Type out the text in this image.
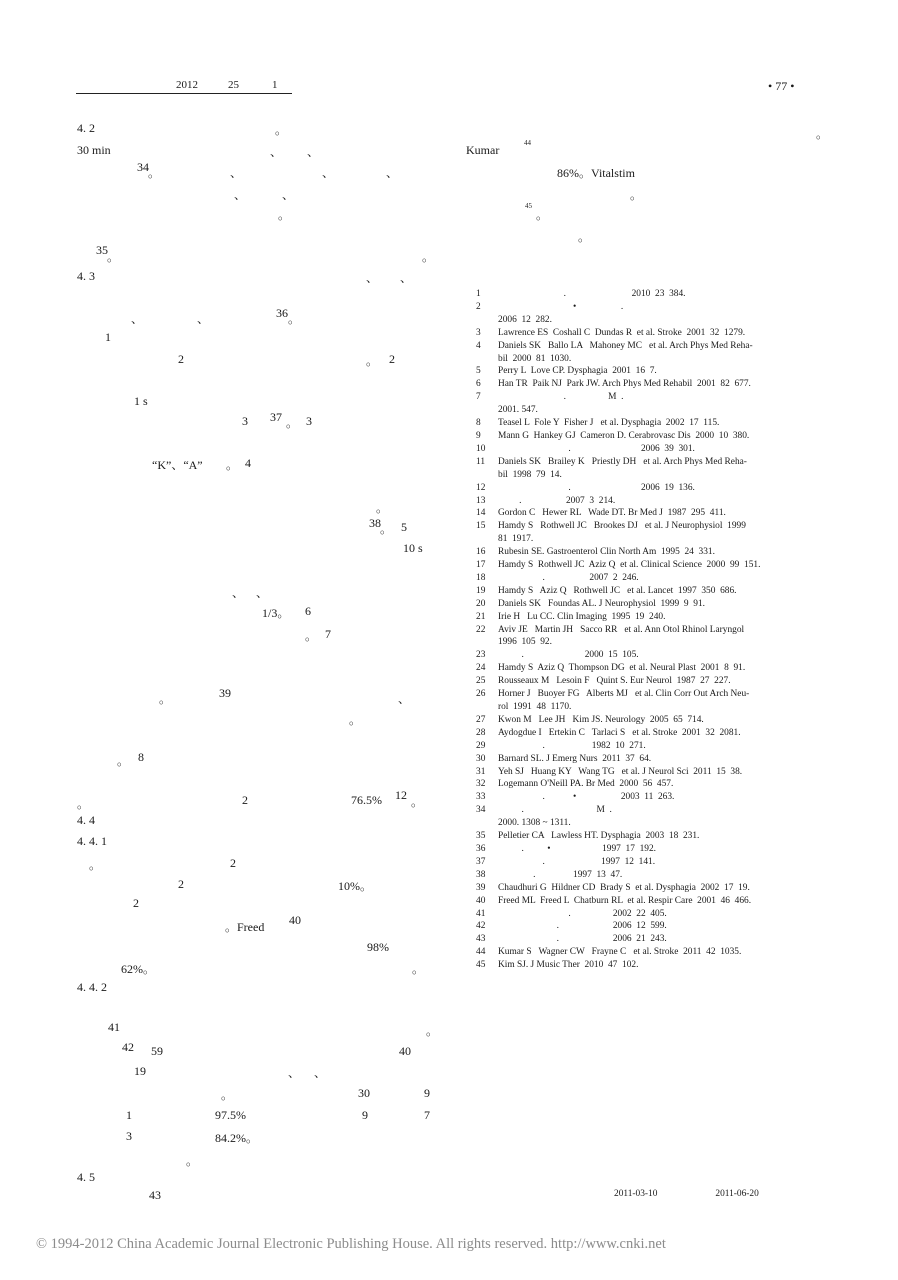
2012	25	1	• 77 •
4. 2	。
30 min	、 、
34 。	、	、	、
、	、
。
35 。	。
4. 3	、 、
、	、	36 。
1
2	。 2
1 s
3 37 。 3
“K”、“A” 。 4
。
38 。 5
10 s
、 、
1/3。 6
。 7
。	39	、
。
。 8
。	2	76.5% 12 。
4. 4
4. 4. 1
。	2
2	10%。
2
。Freed 40
98%
62%。	。
4. 4. 2
41	。
42 59	40
19	、 、
。	30	9
1	97.5%	9	7
3	84.2%。
。
4. 5
43
。
Kumar	44
86%。Vitalstim
。
45
。
。
1	.                            2010  23  384.
2	•                   .
2006  12  282.
3	Lawrence ES  Coshall C  Dundas R  et al. Stroke  2001  32  1279.
4	Daniels SK   Ballo LA   Mahoney MC   et al. Arch Phys Med Reha-
bil  2000  81  1030.
5	Perry L  Love CP. Dysphagia  2001  16  7.
6	Han TR  Paik NJ  Park JW. Arch Phys Med Rehabil  2001  82  677.
7	.                  M  .
2001. 547.
8	Teasel L  Fole Y  Fisher J   et al. Dysphagia  2002  17  115.
9	Mann G  Hankey GJ  Cameron D. Cerabrovasc Dis  2000  10  380.
10	.                              2006  39  301.
11	Daniels SK   Brailey K   Priestly DH   et al. Arch Phys Med Reha-
bil  1998  79  14.
12	.                              2006  19  136.
13	.                   2007  3  214.
14	Gordon C   Hewer RL   Wade DT. Br Med J  1987  295  411.
15	Hamdy S   Rothwell JC   Brookes DJ   et al. J Neurophysiol  1999
81  1917.
16	Rubesin SE. Gastroenterol Clin North Am  1995  24  331.
17	Hamdy S  Rothwell JC  Aziz Q  et al. Clinical Science  2000  99  151.
18	.                   2007  2  246.
19	Hamdy S   Aziz Q   Rothwell JC   et al. Lancet  1997  350  686.
20	Daniels SK   Foundas AL. J Neurophysiol  1999  9  91.
21	Irie H   Lu CC. Clin Imaging  1995  19  240.
22	Aviv JE   Martin JH   Sacco RR   et al. Ann Otol Rhinol Laryngol
1996  105  92.
23	.                          2000  15  105.
24	Hamdy S  Aziz Q  Thompson DG  et al. Neural Plast  2001  8  91.
25	Rousseaux M   Lesoin F   Quint S. Eur Neurol  1987  27  227.
26	Horner J   Buoyer FG   Alberts MJ   et al. Clin Corr Out Arch Neu-
rol  1991  48  1170.
27	Kwon M   Lee JH   Kim JS. Neurology  2005  65  714.
28	Aydogdue I   Ertekin C   Tarlaci S   et al. Stroke  2001  32  2081.
29	.                    1982  10  271.
30	Barnard SL. J Emerg Nurs  2011  37  64.
31	Yeh SJ   Huang KY   Wang TG   et al. J Neurol Sci  2011  15  38.
32	Logemann O'Neill PA. Br Med  2000  56  457.
33	.            •                   2003  11  263.
34	.                               M  .
2000. 1308 ~ 1311.
35	Pelletier CA   Lawless HT. Dysphagia  2003  18  231.
36	.          •                      1997  17  192.
37	.                        1997  12  141.
38	.                1997  13  47.
39	Chaudhuri G  Hildner CD  Brady S  et al. Dysphagia  2002  17  19.
40	Freed ML  Freed L  Chatburn RL  et al. Respir Care  2001  46  466.
41	.                  2002  22  405.
42	.                       2006  12  599.
43	.                       2006  21  243.
44	Kumar S   Wagner CW   Frayne C   et al. Stroke  2011  42  1035.
45	Kim SJ. J Music Ther  2010  47  102.
2011-03-10	2011-06-20
© 1994-2012 China Academic Journal Electronic Publishing House. All rights reserved. http://www.cnki.net
